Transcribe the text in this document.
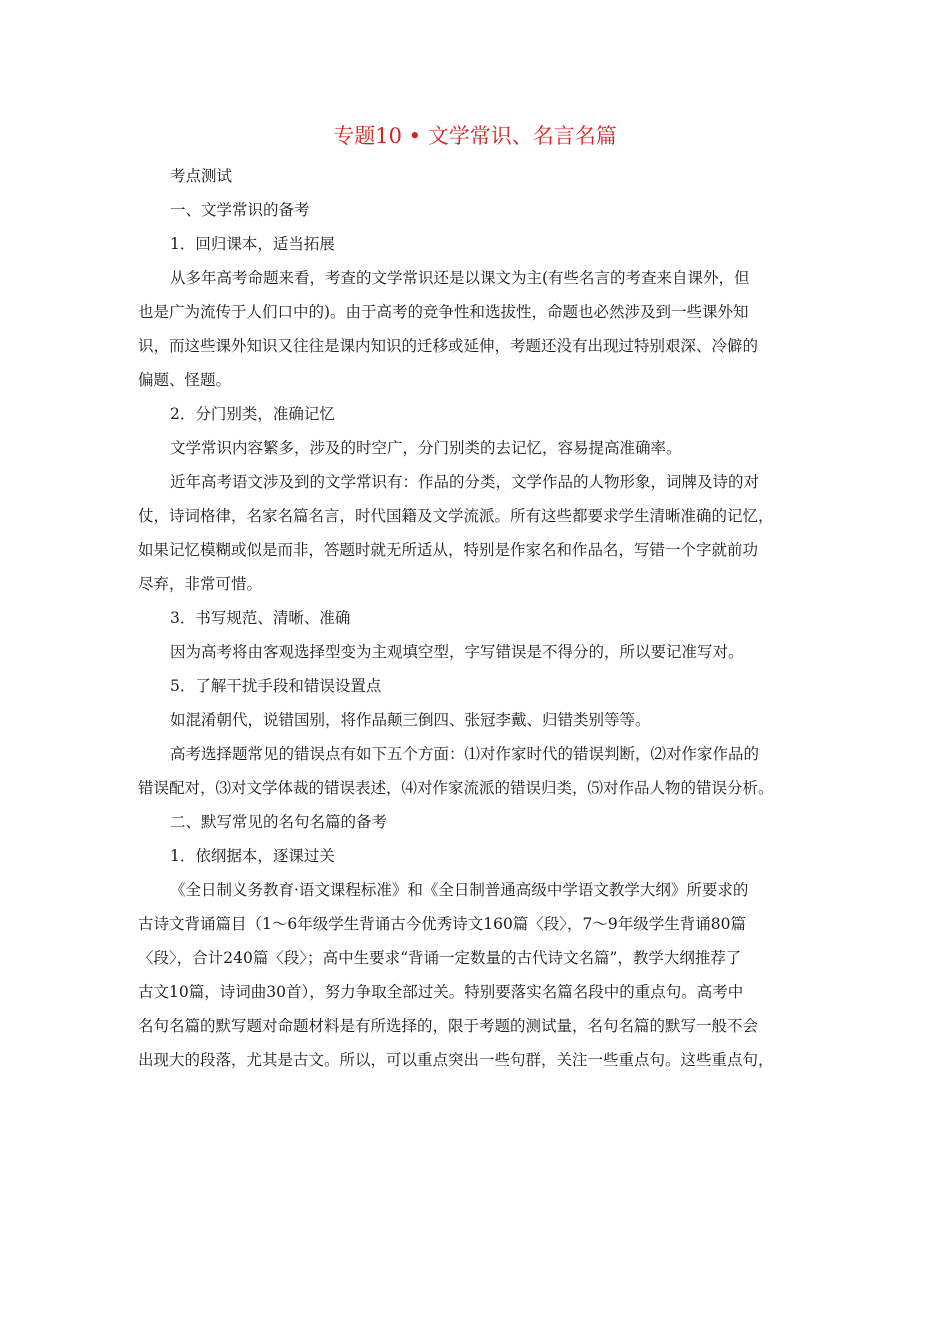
专题10 • 文学常识、名言名篇

考点测试

一、文学常识的备考

1．回归课本，适当拓展

从多年高考命题来看，考查的文学常识还是以课文为主(有些名言的考查来自课外，但
也是广为流传于人们口中的)。由于高考的竞争性和选拔性，命题也必然涉及到一些课外知
识，而这些课外知识又往往是课内知识的迁移或延伸，考题还没有出现过特别艰深、冷僻的
偏题、怪题。

2．分门别类，准确记忆

文学常识内容繁多，涉及的时空广，分门别类的去记忆，容易提高准确率。

近年高考语文涉及到的文学常识有：作品的分类，文学作品的人物形象，词牌及诗的对
仗，诗词格律，名家名篇名言，时代国籍及文学流派。所有这些都要求学生清晰准确的记忆，
如果记忆模糊或似是而非，答题时就无所适从，特别是作家名和作品名，写错一个字就前功
尽弃，非常可惜。

3．书写规范、清晰、准确

因为高考将由客观选择型变为主观填空型，字写错误是不得分的，所以要记准写对。

5．了解干扰手段和错误设置点

如混淆朝代，说错国别，将作品颠三倒四、张冠李戴、归错类别等等。

高考选择题常见的错误点有如下五个方面：⑴对作家时代的错误判断，⑵对作家作品的
错误配对，⑶对文学体裁的错误表述，⑷对作家流派的错误归类，⑸对作品人物的错误分析。

二、默写常见的名句名篇的备考

1．依纲据本，逐课过关

《全日制义务教育·语文课程标准》和《全日制普通高级中学语文教学大纲》所要求的
古诗文背诵篇目（1～6年级学生背诵古今优秀诗文160篇〈段〉，7～9年级学生背诵80篇
〈段〉，合计240篇〈段〉；高中生要求“背诵一定数量的古代诗文名篇”，教学大纲推荐了
古文10篇，诗词曲30首），努力争取全部过关。特别要落实名篇名段中的重点句。高考中
名句名篇的默写题对命题材料是有所选择的，限于考题的测试量，名句名篇的默写一般不会
出现大的段落，尤其是古文。所以，可以重点突出一些句群，关注一些重点句。这些重点句，
